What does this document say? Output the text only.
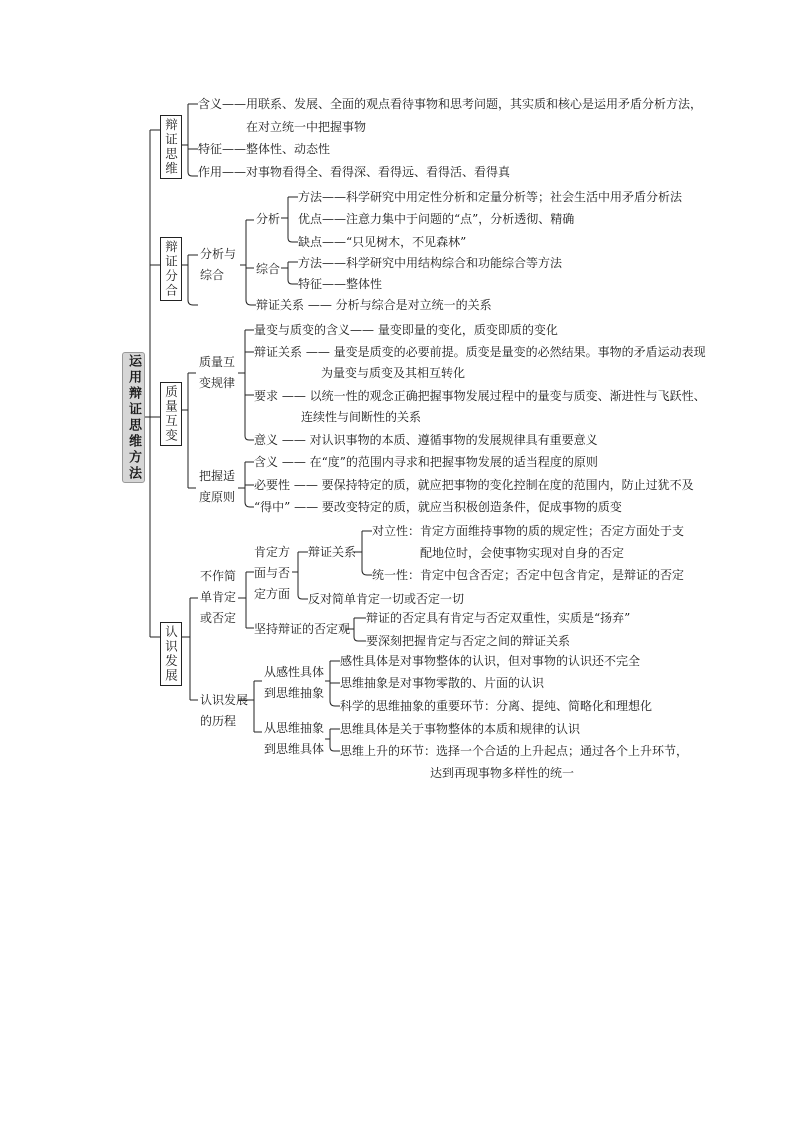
运用辩证思维方法
辩证思维
含义——用联系、发展、全面的观点看待事物和思考问题，其实质和核心是运用矛盾分析方法，
在对立统一中把握事物
特征——整体性、动态性
作用——对事物看得全、看得深、看得远、看得活、看得真
辩证分合 分析与
综合
分析
方法——科学研究中用定性分析和定量分析等；社会生活中用矛盾分析法
优点——注意力集中于问题的“点”，分析透彻、精确
缺点——“只见树木，不见森林”
综合 方法——科学研究中用结构综合和功能综合等方法
特征——整体性
辩证关系 —— 分析与综合是对立统一的关系
质量互变
质量互
变规律
量变与质变的含义—— 量变即量的变化，质变即质的变化
辩证关系 —— 量变是质变的必要前提。质变是量变的必然结果。事物的矛盾运动表现
为量变与质变及其相互转化
要求 —— 以统一性的观念正确把握事物发展过程中的量变与质变、渐进性与飞跃性、
连续性与间断性的关系
意义 —— 对认识事物的本质、遵循事物的发展规律具有重要意义
把握适
度原则
含义 —— 在“度”的范围内寻求和把握事物发展的适当程度的原则
必要性 —— 要保持特定的质，就应把事物的变化控制在度的范围内，防止过犹不及
“得中” —— 要改变特定的质，就应当积极创造条件，促成事物的质变
认识发展
不作简
单肯定
或否定
肯定方
面与否
定方面
辩证关系
对立性：肯定方面维持事物的质的规定性；否定方面处于支
配地位时，会使事物实现对自身的否定
统一性：肯定中包含否定；否定中包含肯定，是辩证的否定
反对简单肯定一切或否定一切
坚持辩证的否定观
辩证的否定具有肯定与否定双重性，实质是“扬弃”
要深刻把握肯定与否定之间的辩证关系
认识发展
的历程
从感性具体
到思维抽象
感性具体是对事物整体的认识，但对事物的认识还不完全
思维抽象是对事物零散的、片面的认识
科学的思维抽象的重要环节：分离、提纯、简略化和理想化
从思维抽象
到思维具体
思维具体是关于事物整体的本质和规律的认识
思维上升的环节：选择一个合适的上升起点；通过各个上升环节，
达到再现事物多样性的统一
